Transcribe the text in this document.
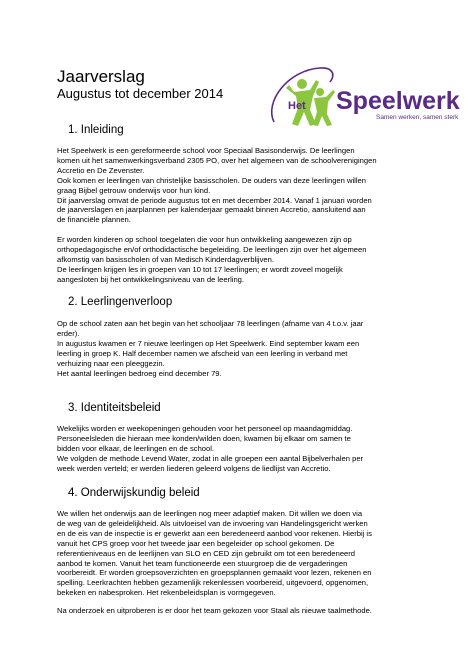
Jaarverslag
Augustus tot december 2014
Het Speelwerk
Samen werken, samen sterk
1. Inleiding

Het Speelwerk is een gereformeerde school voor Speciaal Basisonderwijs. De leerlingen
komen uit het samenwerkingsverband 2305 PO, over het algemeen van de schoolverenigingen
Accretio en De Zevenster.
Ook komen er leerlingen van christelijke basisscholen. De ouders van deze leerlingen willen
graag Bijbel getrouw onderwijs voor hun kind.
Dit jaarverslag omvat de periode augustus tot en met december 2014. Vanaf 1 januari worden
de jaarverslagen en jaarplannen per kalenderjaar gemaakt binnen Accretio, aansluitend aan
de financiële plannen.

Er worden kinderen op school toegelaten die voor hun ontwikkeling aangewezen zijn op
orthopedagogische en/of orthodidactische begeleiding. De leerlingen zijn over het algemeen
afkomstig van basisscholen of van Medisch Kinderdagverblijven.
De leerlingen krijgen les in groepen van 10 tot 17 leerlingen; er wordt zoveel mogelijk
aangesloten bij het ontwikkelingsniveau van de leerling.

2. Leerlingenverloop

Op de school zaten aan het begin van het schooljaar 78 leerlingen (afname van 4 t.o.v. jaar
erder).
In augustus kwamen er 7 nieuwe leerlingen op Het Speelwerk. Eind september kwam een
leerling in groep K. Half december namen we afscheid van een leerling in verband met
verhuizing naar een pleeggezin.
Het aantal leerlingen bedroeg eind december 79.

3. Identiteitsbeleid

Wekelijks worden er weekopeningen gehouden voor het personeel op maandagmiddag.
Personeelsleden die hieraan mee konden/wilden doen, kwamen bij elkaar om samen te
bidden voor elkaar, de leerlingen en de school.
We volgden de methode Levend Water, zodat in alle groepen een aantal Bijbelverhalen per
week werden verteld; er werden liederen geleerd volgens de liedlijst van Accretio.

4. Onderwijskundig beleid

We willen het onderwijs aan de leerlingen nog meer adaptief maken. Dit willen we doen via
de weg van de geleidelijkheid. Als uitvloeisel van de invoering van Handelingsgericht werken
en de eis van de inspectie is er gewerkt aan een beredeneerd aanbod voor rekenen. Hierbij is
vanuit het CPS groep voor het tweede jaar een begeleider op school gekomen. De
referentieniveaus en de leerlijnen van SLO en CED zijn gebruikt om tot een beredeneerd
aanbod te komen. Vanuit het team functioneerde een stuurgroep die de vergaderingen
voorbereidt. Er worden groepsoverzichten en groepsplannen gemaakt voor lezen, rekenen en
spelling. Leerkrachten hebben gezamenlijk rekenlessen voorbereid, uitgevoerd, opgenomen,
bekeken en nabesproken. Het rekenbeleidsplan is vormgegeven.

Na onderzoek en uitproberen is er door het team gekozen voor Staal als nieuwe taalmethode.
